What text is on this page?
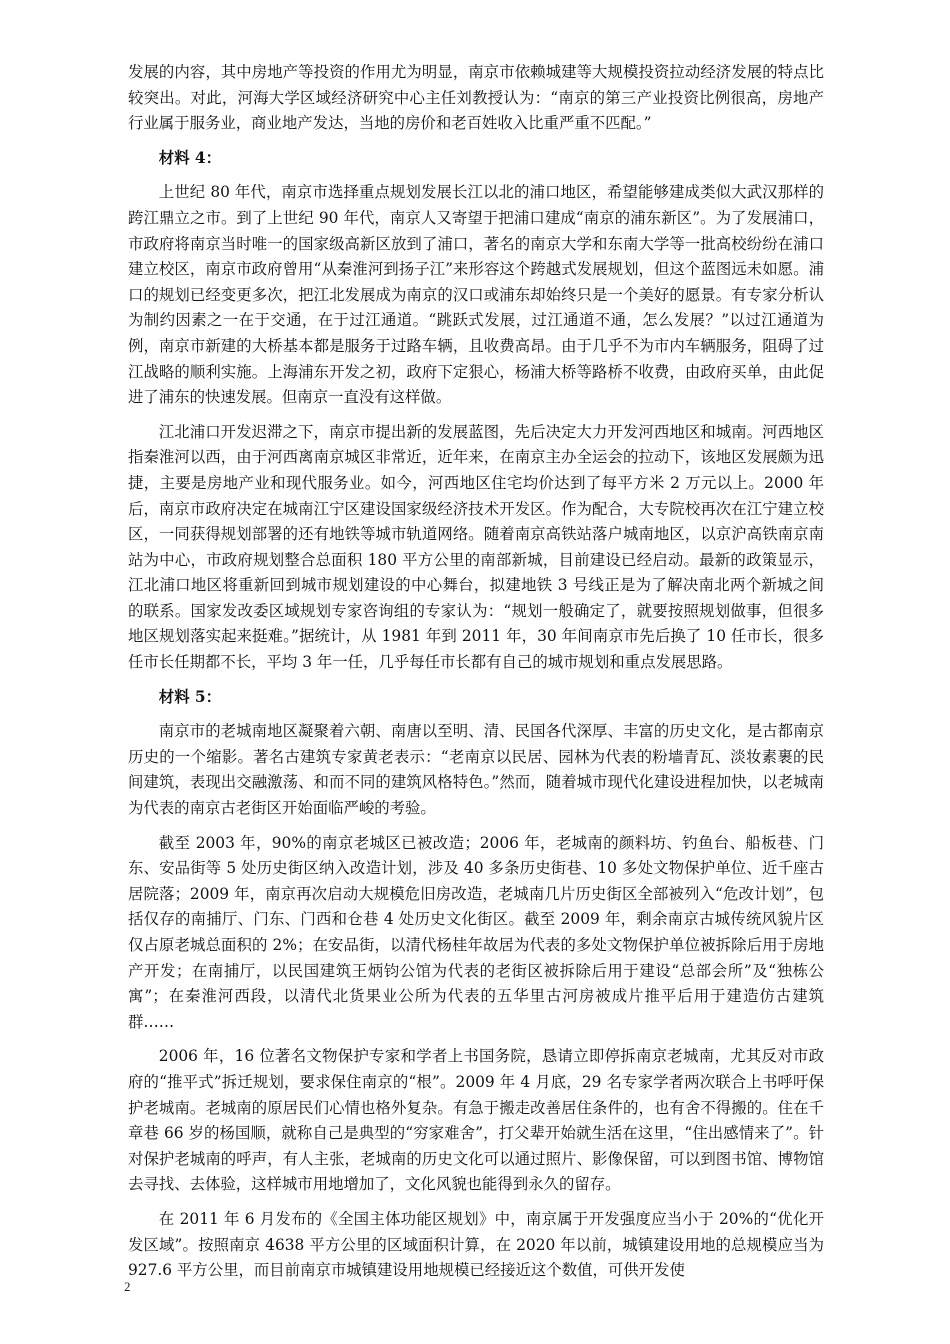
发展的内容，其中房地产等投资的作用尤为明显，南京市依赖城建等大规模投资拉动经济发展的特点比较突出。对此，河海大学区域经济研究中心主任刘教授认为：“南京的第三产业投资比例很高，房地产行业属于服务业，商业地产发达，当地的房价和老百姓收入比重严重不匹配。”

材料 4：

上世纪 80 年代，南京市选择重点规划发展长江以北的浦口地区，希望能够建成类似大武汉那样的跨江鼎立之市。到了上世纪 90 年代，南京人又寄望于把浦口建成“南京的浦东新区”。为了发展浦口，市政府将南京当时唯一的国家级高新区放到了浦口，著名的南京大学和东南大学等一批高校纷纷在浦口建立校区，南京市政府曾用“从秦淮河到扬子江”来形容这个跨越式发展规划，但这个蓝图远未如愿。浦口的规划已经变更多次，把江北发展成为南京的汉口或浦东却始终只是一个美好的愿景。有专家分析认为制约因素之一在于交通，在于过江通道。“跳跃式发展，过江通道不通，怎么发展？”以过江通道为例，南京市新建的大桥基本都是服务于过路车辆，且收费高昂。由于几乎不为市内车辆服务，阻碍了过江战略的顺利实施。上海浦东开发之初，政府下定狠心，杨浦大桥等路桥不收费，由政府买单，由此促进了浦东的快速发展。但南京一直没有这样做。

江北浦口开发迟滞之下，南京市提出新的发展蓝图，先后决定大力开发河西地区和城南。河西地区指秦淮河以西，由于河西离南京城区非常近，近年来，在南京主办全运会的拉动下，该地区发展颇为迅捷，主要是房地产业和现代服务业。如今，河西地区住宅均价达到了每平方米 2 万元以上。2000 年后，南京市政府决定在城南江宁区建设国家级经济技术开发区。作为配合，大专院校再次在江宁建立校区，一同获得规划部署的还有地铁等城市轨道网络。随着南京高铁站落户城南地区，以京沪高铁南京南站为中心，市政府规划整合总面积 180 平方公里的南部新城，目前建设已经启动。最新的政策显示，江北浦口地区将重新回到城市规划建设的中心舞台，拟建地铁 3 号线正是为了解决南北两个新城之间的联系。国家发改委区域规划专家咨询组的专家认为：“规划一般确定了，就要按照规划做事，但很多地区规划落实起来挺难。”据统计，从 1981 年到 2011 年，30 年间南京市先后换了 10 任市长，很多任市长任期都不长，平均 3 年一任，几乎每任市长都有自己的城市规划和重点发展思路。

材料 5：

南京市的老城南地区凝聚着六朝、南唐以至明、清、民国各代深厚、丰富的历史文化，是古都南京历史的一个缩影。著名古建筑专家黄老表示：“老南京以民居、园林为代表的粉墙青瓦、淡妆素裹的民间建筑，表现出交融激荡、和而不同的建筑风格特色。”然而，随着城市现代化建设进程加快，以老城南为代表的南京古老街区开始面临严峻的考验。

截至 2003 年，90%的南京老城区已被改造；2006 年，老城南的颜料坊、钓鱼台、船板巷、门东、安品街等 5 处历史街区纳入改造计划，涉及 40 多条历史街巷、10 多处文物保护单位、近千座古居院落；2009 年，南京再次启动大规模危旧房改造，老城南几片历史街区全部被列入“危改计划”，包括仅存的南捕厅、门东、门西和仓巷 4 处历史文化街区。截至 2009 年，剩余南京古城传统风貌片区仅占原老城总面积的 2%；在安品街，以清代杨桂年故居为代表的多处文物保护单位被拆除后用于房地产开发；在南捕厅，以民国建筑王炳钧公馆为代表的老街区被拆除后用于建设“总部会所”及“独栋公寓”；在秦淮河西段，以清代北货果业公所为代表的五华里古河房被成片推平后用于建造仿古建筑群……

2006 年，16 位著名文物保护专家和学者上书国务院，恳请立即停拆南京老城南，尤其反对市政府的“推平式”拆迁规划，要求保住南京的“根”。2009 年 4 月底，29 名专家学者两次联合上书呼吁保护老城南。老城南的原居民们心情也格外复杂。有急于搬走改善居住条件的，也有舍不得搬的。住在千章巷 66 岁的杨国顺，就称自己是典型的“穷家难舍”，打父辈开始就生活在这里，“住出感情来了”。针对保护老城南的呼声，有人主张，老城南的历史文化可以通过照片、影像保留，可以到图书馆、博物馆去寻找、去体验，这样城市用地增加了，文化风貌也能得到永久的留存。

在 2011 年 6 月发布的《全国主体功能区规划》中，南京属于开发强度应当小于 20%的“优化开发区域”。按照南京 4638 平方公里的区域面积计算，在 2020 年以前，城镇建设用地的总规模应当为 927.6 平方公里，而目前南京市城镇建设用地规模已经接近这个数值，可供开发使

2
